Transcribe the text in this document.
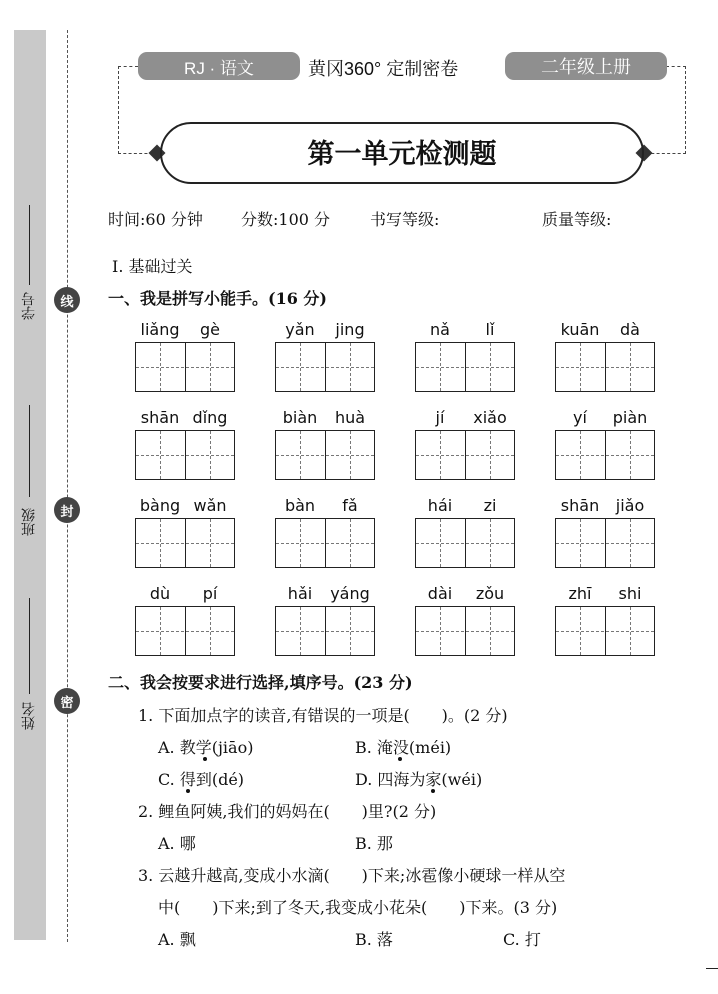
学号
班级
姓名
线
封
密
RJ · 语文	黄冈360° 定制密卷	二年级上册
第一单元检测题
时间:60 分钟 分数:100 分 书写等级:	质量等级:
Ⅰ. 基础过关
一、我是拼写小能手。(16 分)
liǎng	gè	yǎn	jing	nǎ	lǐ	kuān	dà
shān dǐng	biàn	huà	jí	xiǎo	yí	piàn
bàng wǎn	bàn	fǎ	hái	zi	shān	jiǎo
dù	pí	hǎi	yáng	dài	zǒu	zhī	shi
二、我会按要求进行选择,填序号。(23 分)
1. 下面加点字的读音,有错误的一项是(　　)。(2 分)
A. 教学(jiāo)	B. 淹没(méi)
C. 得到(dé)	D. 四海为家(wéi)
2. 鲤鱼阿姨,我们的妈妈在(　　)里?(2 分)
A. 哪	B. 那
3. 云越升越高,变成小水滴(　　)下来;冰雹像小硬球一样从空
中(　　)下来;到了冬天,我变成小花朵(　　)下来。(3 分)
A. 飘	B. 落	C. 打
